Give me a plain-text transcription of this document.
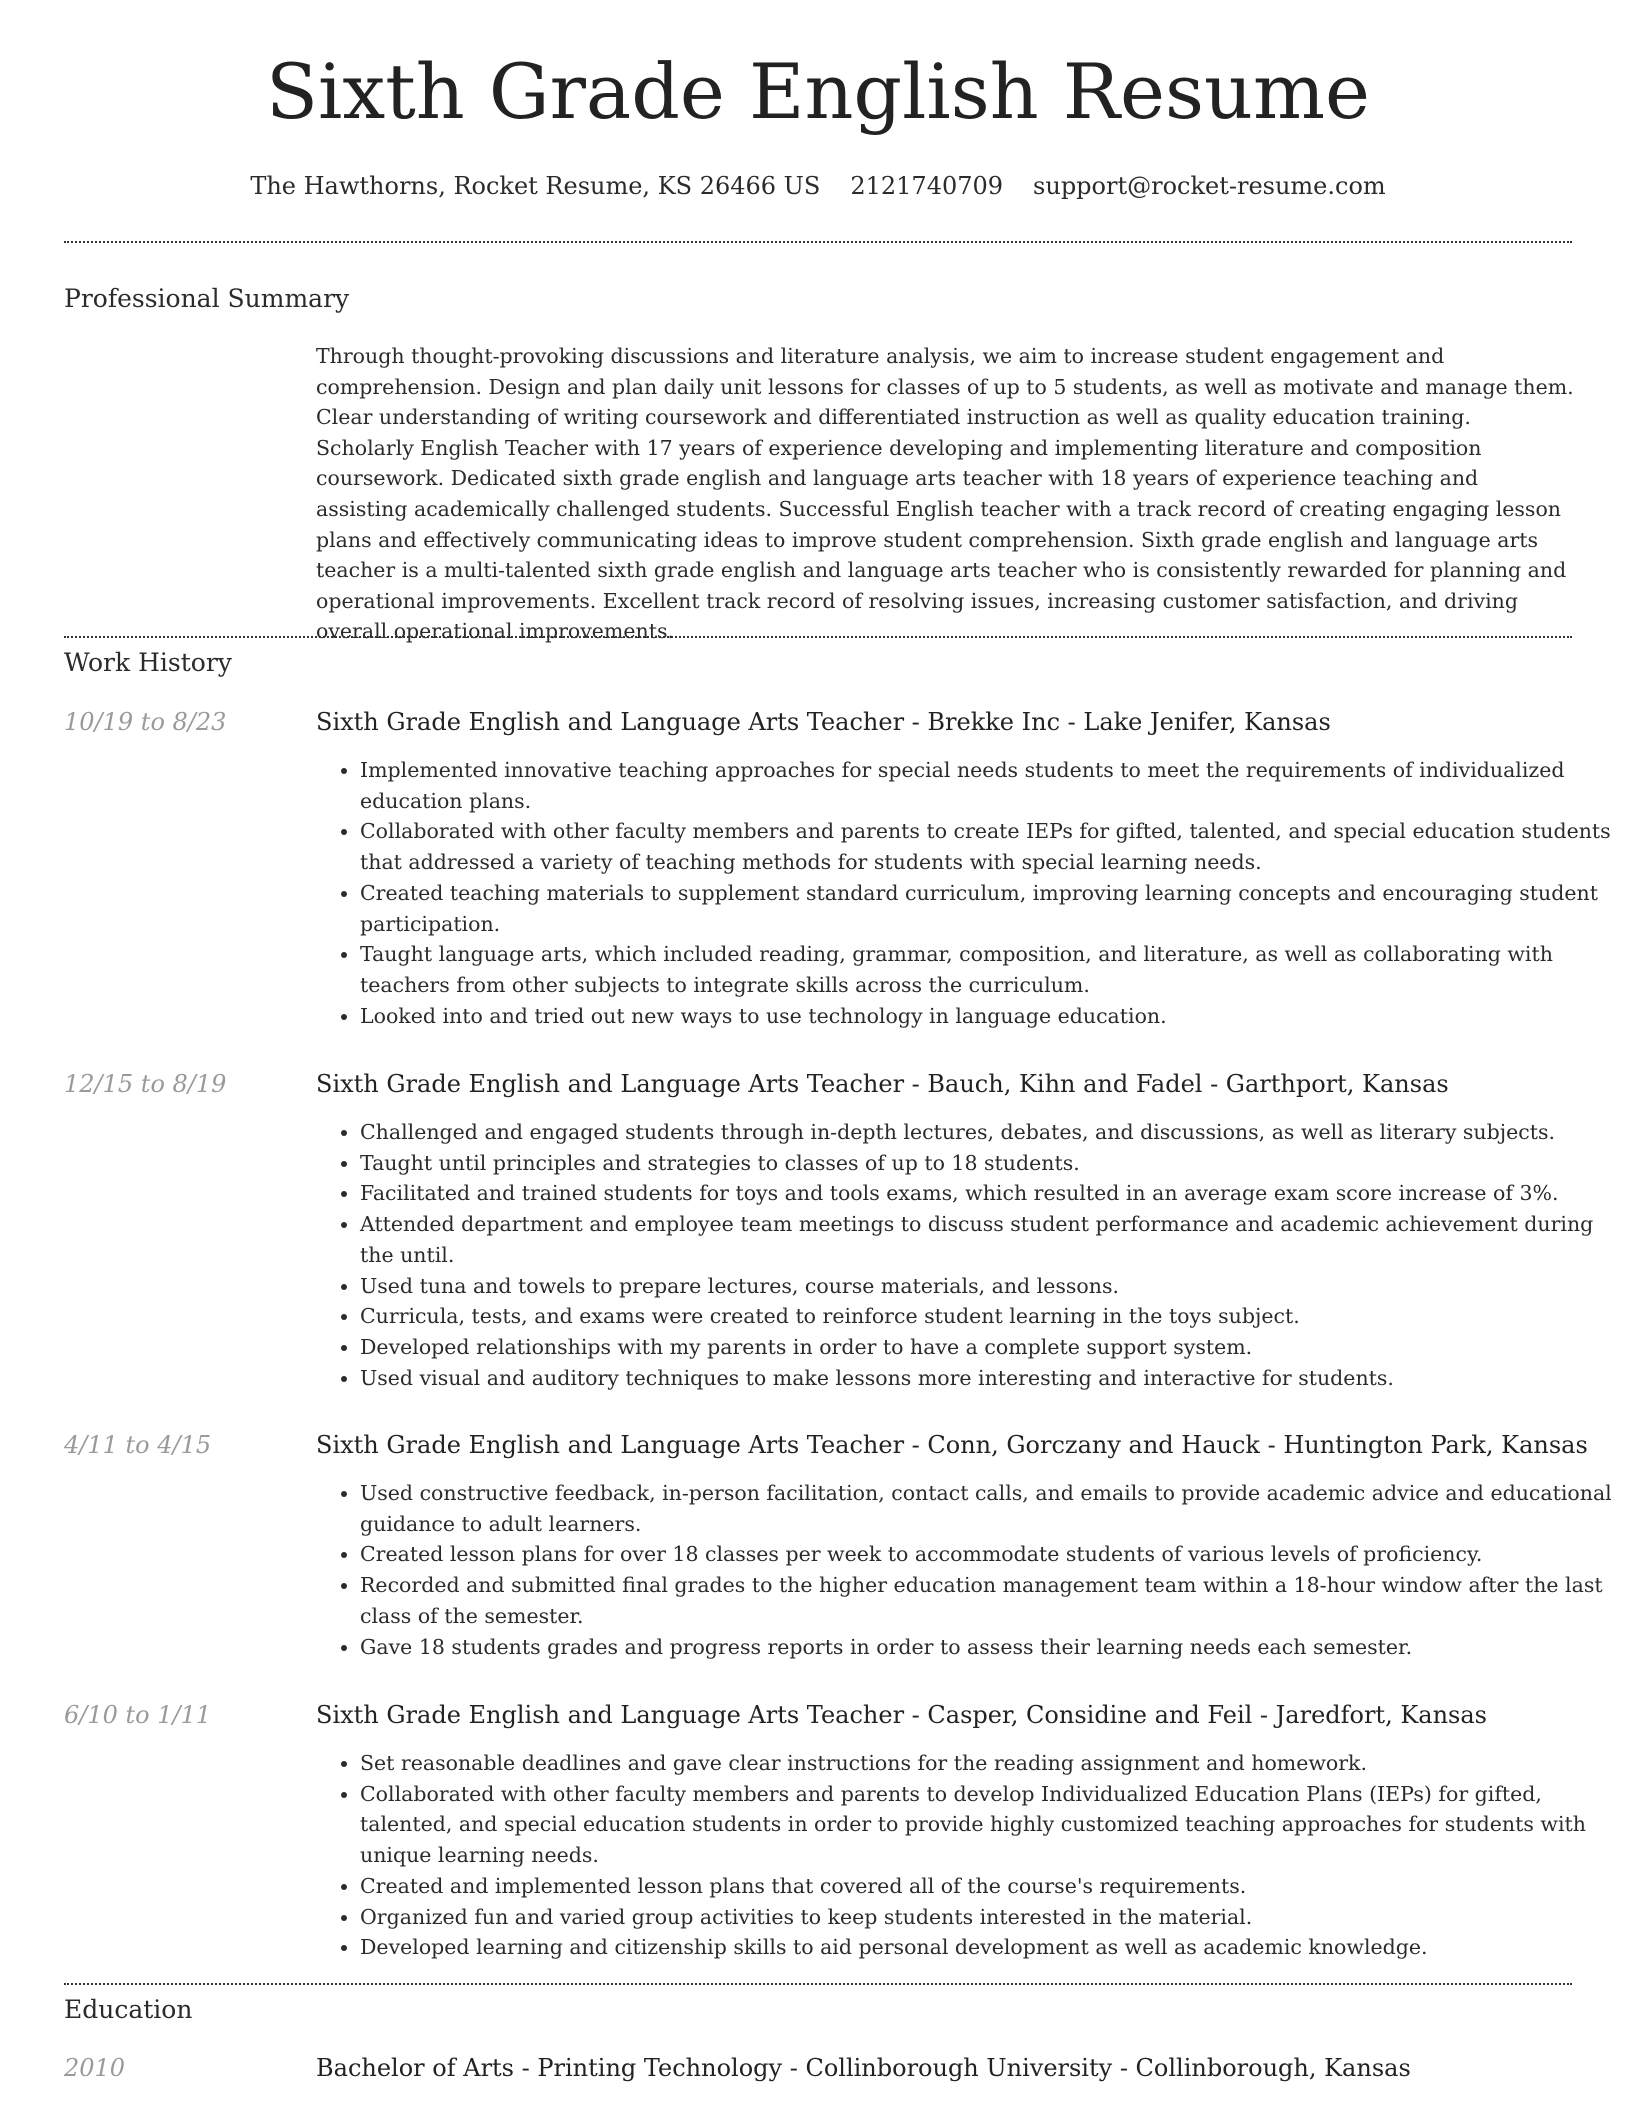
Sixth Grade English Resume
The Hawthorns, Rocket Resume, KS 26466 US 2121740709 support@rocket-resume.com
Professional Summary

Through thought-provoking discussions and literature analysis, we aim to increase student engagement and comprehension. Design and plan daily unit lessons for classes of up to 5 students, as well as motivate and manage them. Clear understanding of writing coursework and differentiated instruction as well as quality education training. Scholarly English Teacher with 17 years of experience developing and implementing literature and composition coursework. Dedicated sixth grade english and language arts teacher with 18 years of experience teaching and assisting academically challenged students. Successful English teacher with a track record of creating engaging lesson plans and effectively communicating ideas to improve student comprehension. Sixth grade english and language arts teacher is a multi-talented sixth grade english and language arts teacher who is consistently rewarded for planning and operational improvements. Excellent track record of resolving issues, increasing customer satisfaction, and driving overall operational improvements.

Work History
10/19 to 8/23	Sixth Grade English and Language Arts Teacher - Brekke Inc - Lake Jenifer, Kansas
• Implemented innovative teaching approaches for special needs students to meet the requirements of individualized education plans.
• Collaborated with other faculty members and parents to create IEPs for gifted, talented, and special education students that addressed a variety of teaching methods for students with special learning needs.
• Created teaching materials to supplement standard curriculum, improving learning concepts and encouraging student participation.
• Taught language arts, which included reading, grammar, composition, and literature, as well as collaborating with teachers from other subjects to integrate skills across the curriculum.
• Looked into and tried out new ways to use technology in language education.
12/15 to 8/19	Sixth Grade English and Language Arts Teacher - Bauch, Kihn and Fadel - Garthport, Kansas
• Challenged and engaged students through in-depth lectures, debates, and discussions, as well as literary subjects.
• Taught until principles and strategies to classes of up to 18 students.
• Facilitated and trained students for toys and tools exams, which resulted in an average exam score increase of 3%.
• Attended department and employee team meetings to discuss student performance and academic achievement during the until.
• Used tuna and towels to prepare lectures, course materials, and lessons.
• Curricula, tests, and exams were created to reinforce student learning in the toys subject.
• Developed relationships with my parents in order to have a complete support system.
• Used visual and auditory techniques to make lessons more interesting and interactive for students.
4/11 to 4/15	Sixth Grade English and Language Arts Teacher - Conn, Gorczany and Hauck - Huntington Park, Kansas
• Used constructive feedback, in-person facilitation, contact calls, and emails to provide academic advice and educational guidance to adult learners.
• Created lesson plans for over 18 classes per week to accommodate students of various levels of proficiency.
• Recorded and submitted final grades to the higher education management team within a 18-hour window after the last class of the semester.
• Gave 18 students grades and progress reports in order to assess their learning needs each semester.
6/10 to 1/11	Sixth Grade English and Language Arts Teacher - Casper, Considine and Feil - Jaredfort, Kansas
• Set reasonable deadlines and gave clear instructions for the reading assignment and homework.
• Collaborated with other faculty members and parents to develop Individualized Education Plans (IEPs) for gifted, talented, and special education students in order to provide highly customized teaching approaches for students with unique learning needs.
• Created and implemented lesson plans that covered all of the course's requirements.
• Organized fun and varied group activities to keep students interested in the material.
• Developed learning and citizenship skills to aid personal development as well as academic knowledge.
Education
2010	Bachelor of Arts - Printing Technology - Collinborough University - Collinborough, Kansas
